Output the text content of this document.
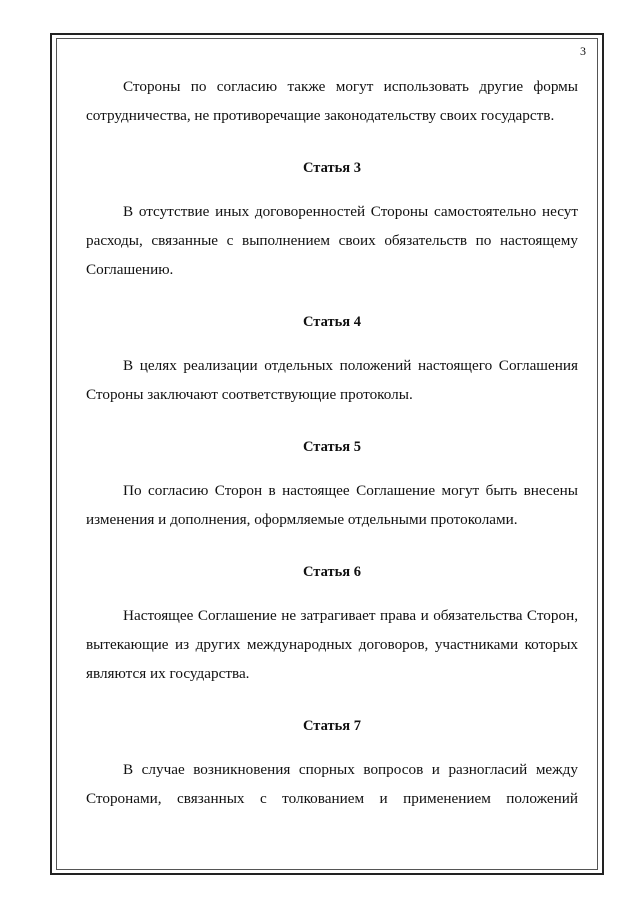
3

Стороны по согласию также могут использовать другие формы сотрудничества, не противоречащие законодательству своих государств.

Статья 3

В отсутствие иных договоренностей Стороны самостоятельно несут расходы, связанные с выполнением своих обязательств по настоящему Соглашению.

Статья 4

В целях реализации отдельных положений настоящего Соглашения Стороны заключают соответствующие протоколы.

Статья 5

По согласию Сторон в настоящее Соглашение могут быть внесены изменения и дополнения, оформляемые отдельными протоколами.

Статья 6

Настоящее Соглашение не затрагивает права и обязательства Сторон, вытекающие из других международных договоров, участниками которых являются их государства.

Статья 7

В случае возникновения спорных вопросов и разногласий между Сторонами, связанных с толкованием и применением положений
